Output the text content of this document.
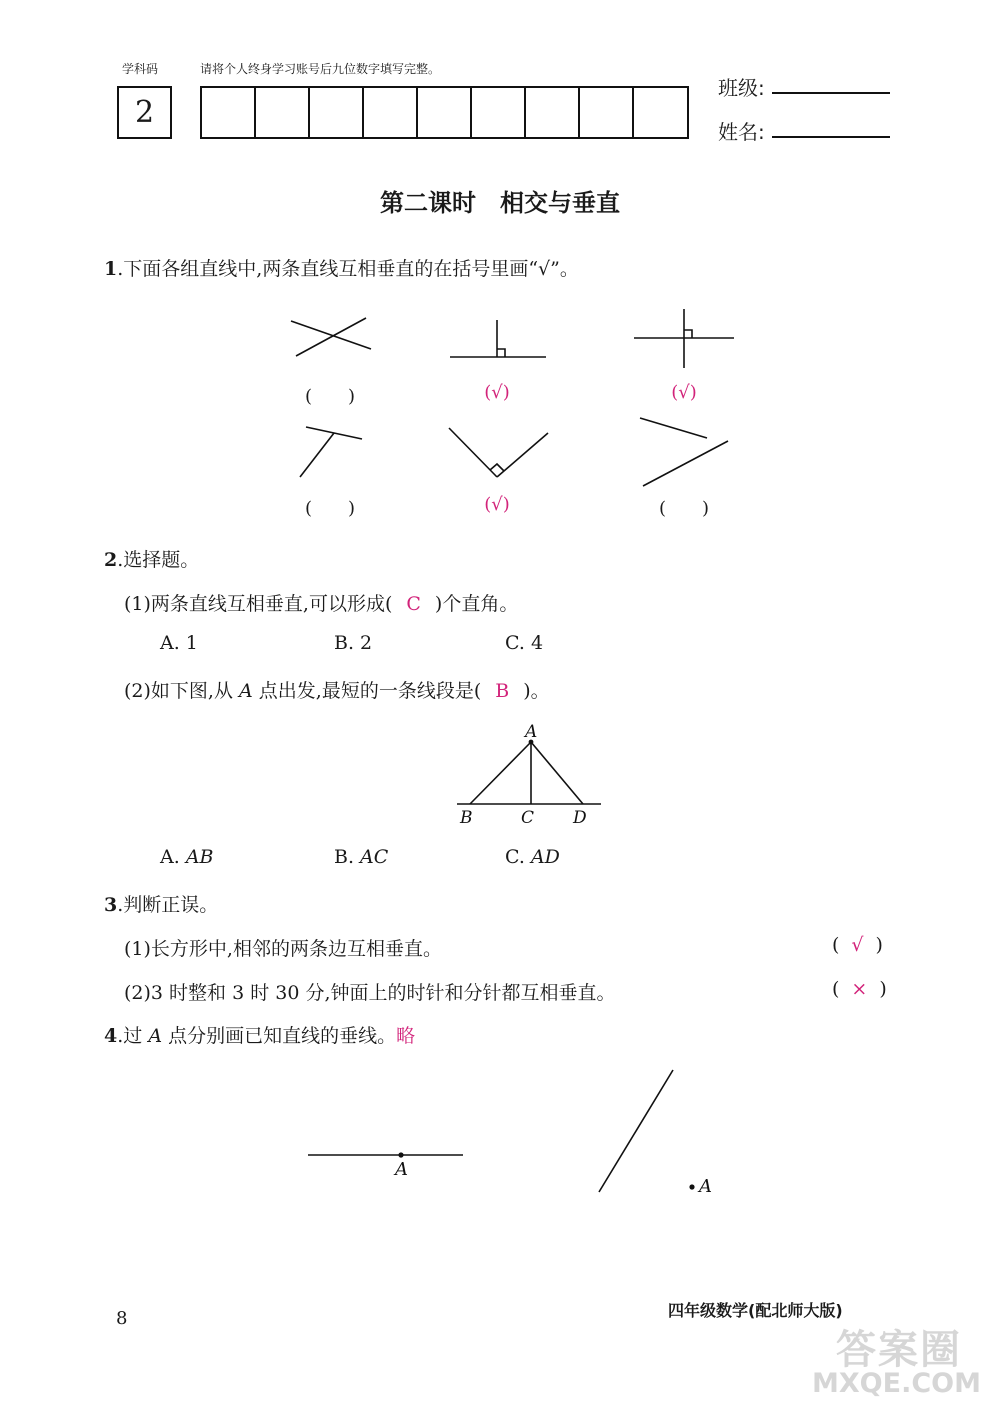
学科码
2
请将个人终身学习账号后九位数字填写完整。
班级:
姓名:
第二课时　相交与垂直
1.下面各组直线中,两条直线互相垂直的在括号里画“√”。
A
B	C D
A
A
(　　)	(√)	(√)
(　　)	(√)	(　　)
2.选择题。
(1)两条直线互相垂直,可以形成( C )个直角。
A. 1	B. 2	C. 4
(2)如下图,从 A 点出发,最短的一条线段是( B )。
A. AB	B. AC	C. AD
3.判断正误。
(1)长方形中,相邻的两条边互相垂直。	( √ )
(2)3 时整和 3 时 30 分,钟面上的时针和分针都互相垂直。	( × )
4.过 A 点分别画已知直线的垂线。略
8	四年级数学(配北师大版)
答案圈
MXQE.COM
